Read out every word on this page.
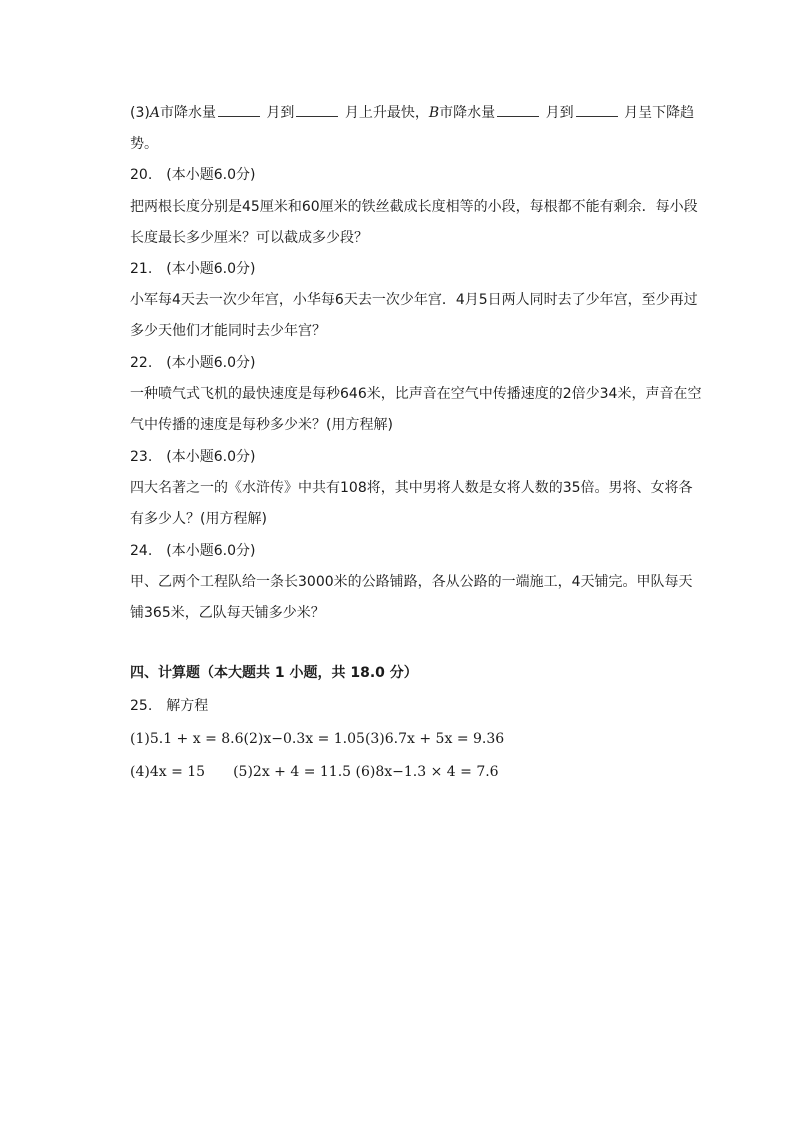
(3)A市降水量	月到	月上升最快，B市降水量	月到	月呈下降趋
势。
20.　(本小题6.0分)
把两根长度分别是45厘米和60厘米的铁丝截成长度相等的小段，每根都不能有剩余．每小段
长度最长多少厘米？可以截成多少段？
21.　(本小题6.0分)
小军每4天去一次少年宫，小华每6天去一次少年宫．4月5日两人同时去了少年宫，至少再过
多少天他们才能同时去少年宫？
22.　(本小题6.0分)
一种喷气式飞机的最快速度是每秒646米，比声音在空气中传播速度的2倍少34米，声音在空
气中传播的速度是每秒多少米？(用方程解)
23.　(本小题6.0分)
四大名著之一的《水浒传》中共有108将，其中男将人数是女将人数的35倍。男将、女将各
有多少人？(用方程解)
24.　(本小题6.0分)
甲、乙两个工程队给一条长3000米的公路铺路，各从公路的一端施工，4天铺完。甲队每天
铺365米，乙队每天铺多少米？
四、计算题（本大题共 1 小题，共 18.0 分）
25.　解方程
(1)5.1 + x = 8.6(2)x−0.3x = 1.05(3)6.7x + 5x = 9.36
(4)4x = 15 (5)2x + 4 = 11.5 (6)8x−1.3 × 4 = 7.6
